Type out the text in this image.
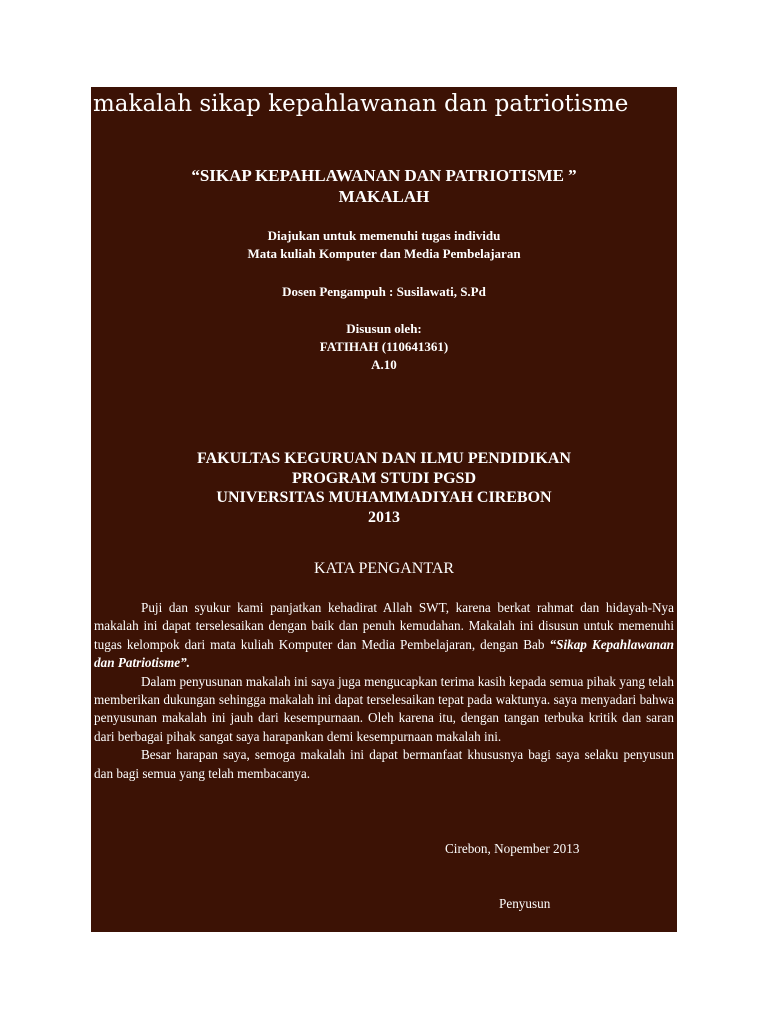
makalah sikap kepahlawanan dan patriotisme
“SIKAP KEPAHLAWANAN DAN PATRIOTISME ”
MAKALAH
Diajukan untuk memenuhi tugas individu
Mata kuliah Komputer dan Media Pembelajaran
Dosen Pengampuh : Susilawati, S.Pd
Disusun oleh:
FATIHAH (110641361)
A.10
FAKULTAS KEGURUAN DAN ILMU PENDIDIKAN
PROGRAM STUDI PGSD
UNIVERSITAS MUHAMMADIYAH CIREBON
2013
KATA PENGANTAR

Puji dan syukur kami panjatkan kehadirat Allah SWT, karena berkat rahmat dan hidayah-Nya makalah ini dapat terselesaikan dengan baik dan penuh kemudahan. Makalah ini disusun untuk memenuhi tugas kelompok dari mata kuliah Komputer dan Media Pembelajaran, dengan Bab “Sikap Kepahlawanan dan Patriotisme”.

Dalam penyusunan makalah ini saya juga mengucapkan terima kasih kepada semua pihak yang telah memberikan dukungan sehingga makalah ini dapat terselesaikan tepat pada waktunya. saya menyadari bahwa penyusunan makalah ini jauh dari kesempurnaan. Oleh karena itu, dengan tangan terbuka kritik dan saran dari berbagai pihak sangat saya harapankan demi kesempurnaan makalah ini.

Besar harapan saya, semoga makalah ini dapat bermanfaat khususnya bagi saya selaku penyusun dan bagi semua yang telah membacanya.

Cirebon, Nopember 2013
Penyusun
